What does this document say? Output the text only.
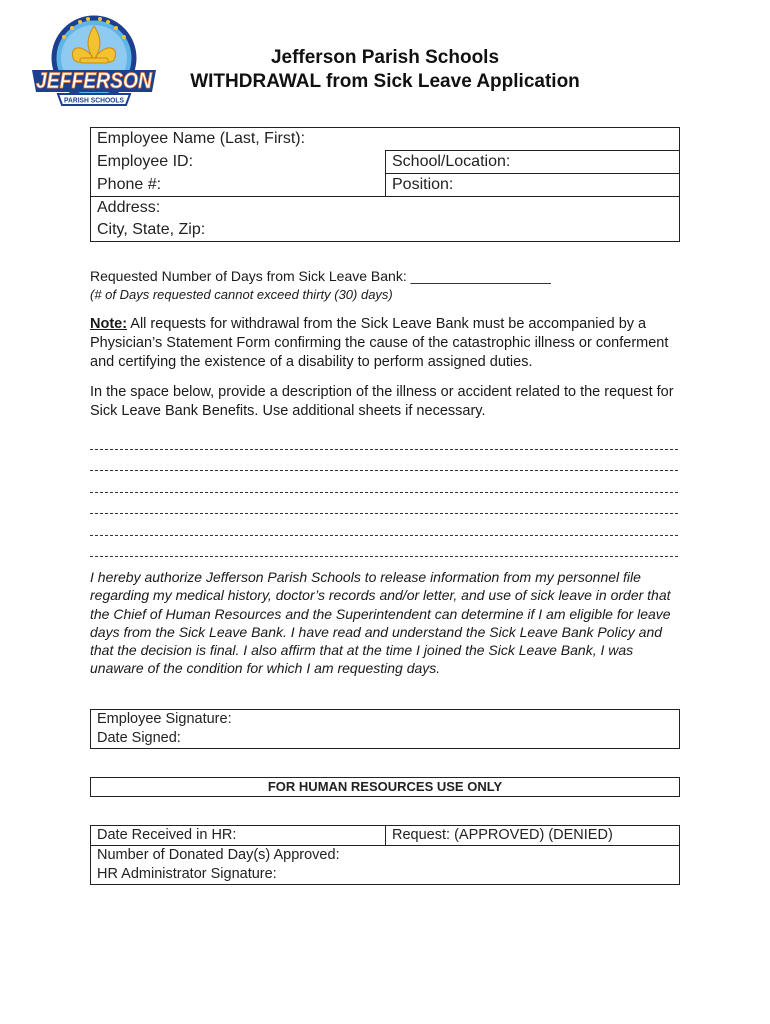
JEFFERSON
PARISH SCHOOLS
Jefferson Parish Schools
WITHDRAWAL from Sick Leave Application
Employee Name (Last, First):	
Employee ID:	School/Location:
Phone #:	Position:
Address:	
City, State, Zip:	
Requested Number of Days from Sick Leave Bank: __________________
(# of Days requested cannot exceed thirty (30) days)
Note: All requests for withdrawal from the Sick Leave Bank must be accompanied by a Physician’s Statement Form confirming the cause of the catastrophic illness or conferment and certifying the existence of a disability to perform assigned duties.
In the space below, provide a description of the illness or accident related to the request for Sick Leave Bank Benefits. Use additional sheets if necessary.
I hereby authorize Jefferson Parish Schools to release information from my personnel file regarding my medical history, doctor’s records and/or letter, and use of sick leave in order that the Chief of Human Resources and the Superintendent can determine if I am eligible for leave days from the Sick Leave Bank. I have read and understand the Sick Leave Bank Policy and that the decision is final. I also affirm that at the time I joined the Sick Leave Bank, I was unaware of the condition for which I am requesting days.
Employee Signature:
Date Signed:
FOR HUMAN RESOURCES USE ONLY
Date Received in HR:	Request: (APPROVED) (DENIED)
Number of Donated Day(s) Approved:
HR Administrator Signature:
